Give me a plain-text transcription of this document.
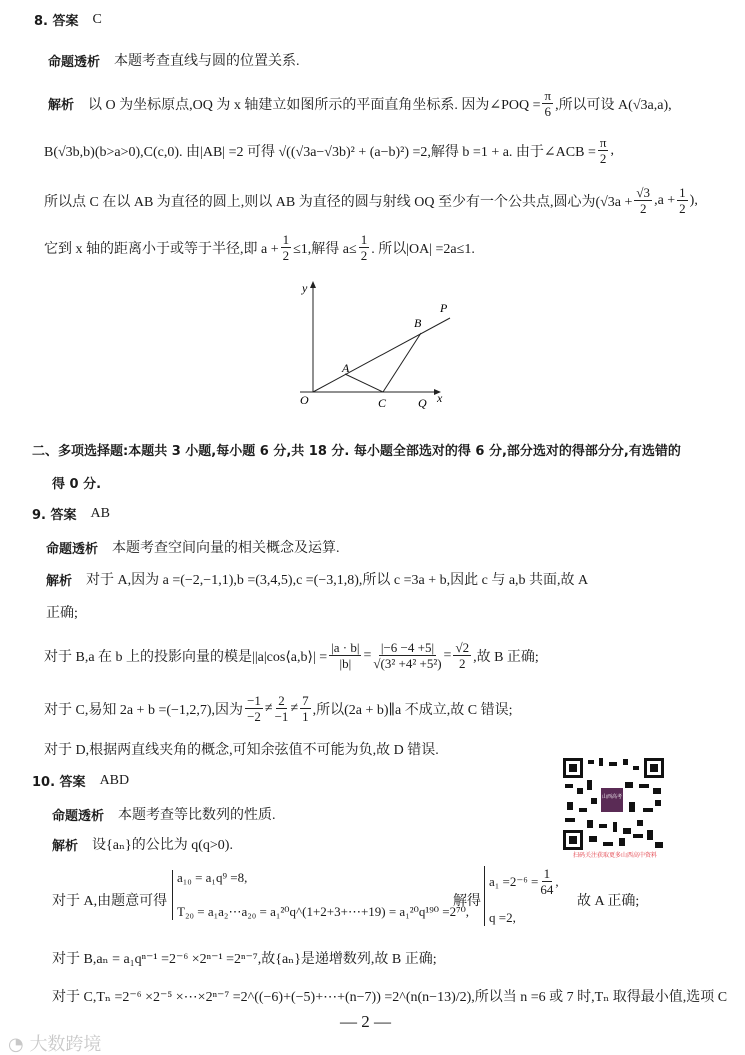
8. 答案 C
命题透析 本题考查直线与圆的位置关系.
解析 以 O 为坐标原点,OQ 为 x 轴建立如图所示的平面直角坐标系. 因为∠POQ = $\frac{\pi}{6}$ ,所以可设 A(√3a,a),
B(√3b,b)(b>a>0),C(c,0). 由|AB| =2 可得 √((√3a−√3b)² + (a−b)²) =2,解得 b =1 + a. 由于∠ACB = $\frac{\pi}{2}$ ,
所以点 C 在以 AB 为直径的圆上,则以 AB 为直径的圆与射线 OQ 至少有一个公共点,圆心为($√3a + \frac{√3}{2} ,a + \frac{1}{2}$ ),
它到 x 轴的距离小于或等于半径,即 $a + \frac{1}{2} \le 1$,解得 $a\le \frac{1}{2}$ . 所以|OA| =2a≤1.
y
P
B
A
O	C	Q x
二、多项选择题:本题共 3 小题,每小题 6 分,共 18 分. 每小题全部选对的得 6 分,部分选对的得部分分,有选错的
得 0 分.
9. 答案 AB
命题透析 本题考查空间向量的相关概念及运算.
解析 对于 A,因为 a =(−2,−1,1),b =(3,4,5),c =(−3,1,8),所以 c =3a + b,因此 c 与 a,b 共面,故 A
正确;
对于 B,a 在 b 上的投影向量的模是||a|cos⟨a,b⟩| = $\frac{|a \cdot b|}{|b|} = \frac{|-6 -4 +5|}{\text{√(3² +4² +5²)}} = \frac{√2}{2}$ ,故 B 正确;
对于 C,易知 2a + b =(−1,2,7),因为 $\frac{-1}{-2} \ne \frac{2}{-1} \ne \frac{7}{1}$ ,所以(2a + b)∥a 不成立,故 C 错误;
对于 D,根据两直线夹角的概念,可知余弦值不可能为负,故 D 错误.
10. 答案 ABD
命题透析 本题考查等比数列的性质.
解析 设{aₙ}的公比为 q(q>0).
对于 A,由题意可得
a₁₀ = a₁q⁹ =8,
T₂₀ = a₁a₂⋯a₂₀ = a₁²⁰q^(1+2+3+⋯+19) = a₁²⁰q¹⁹⁰ =2⁷⁰,
解得
$a_1 =2^{-6} = \frac{1}{64}$ ,
q =2,
故 A 正确;
对于 B,aₙ = a₁qⁿ⁻¹ =2⁻⁶ ×2ⁿ⁻¹ =2ⁿ⁻⁷,故{aₙ}是递增数列,故 B 正确;
对于 C,Tₙ =2⁻⁶ ×2⁻⁵ ×⋯×2ⁿ⁻⁷ =2^((−6)+(−5)+⋯+(n−7)) =2^(n(n−13)/2),所以当 n =6 或 7 时,Tₙ 取得最小值,选项 C
— 2 —
山西高考
扫码关注获取更多山西高中资料
◔ 大数跨境
